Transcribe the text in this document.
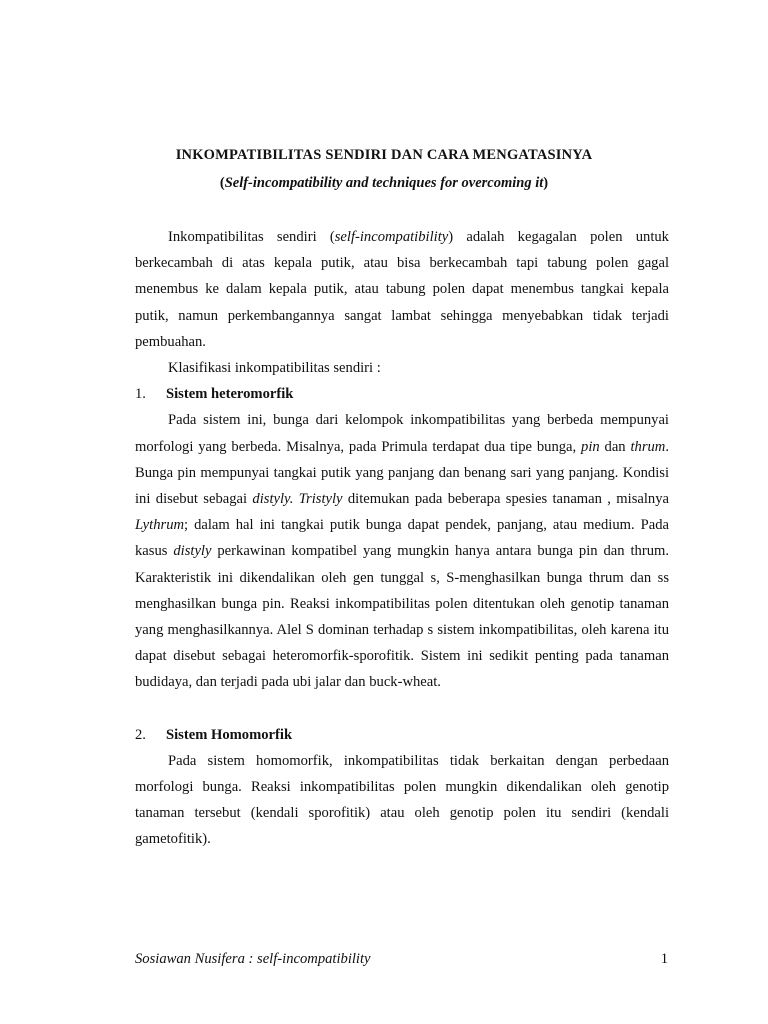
INKOMPATIBILITAS SENDIRI DAN CARA MENGATASINYA
(Self-incompatibility and techniques for overcoming it)

Inkompatibilitas sendiri (self-incompatibility) adalah kegagalan polen untuk berkecambah di atas kepala putik, atau bisa berkecambah tapi tabung polen gagal menembus ke dalam kepala putik, atau tabung polen dapat menembus tangkai kepala putik, namun perkembangannya sangat lambat sehingga menyebabkan tidak terjadi pembuahan.

Klasifikasi inkompatibilitas sendiri :

1.	Sistem heteromorfik

Pada sistem ini, bunga dari kelompok inkompatibilitas yang berbeda mempunyai morfologi yang berbeda. Misalnya, pada Primula terdapat dua tipe bunga, pin dan thrum. Bunga pin mempunyai tangkai putik yang panjang dan benang sari yang panjang. Kondisi ini disebut sebagai distyly. Tristyly ditemukan pada beberapa spesies tanaman , misalnya Lythrum; dalam hal ini tangkai putik bunga dapat pendek, panjang, atau medium. Pada kasus distyly perkawinan kompatibel yang mungkin hanya antara bunga pin dan thrum. Karakteristik ini dikendalikan oleh gen tunggal s, S-menghasilkan bunga thrum dan ss menghasilkan bunga pin. Reaksi inkompatibilitas polen ditentukan oleh genotip tanaman yang menghasilkannya. Alel S dominan terhadap s sistem inkompatibilitas, oleh karena itu dapat disebut sebagai heteromorfik-sporofitik. Sistem ini sedikit penting pada tanaman budidaya, dan terjadi pada ubi jalar dan buck-wheat.

2.	Sistem Homomorfik

Pada sistem homomorfik, inkompatibilitas tidak berkaitan dengan perbedaan morfologi bunga. Reaksi inkompatibilitas polen mungkin dikendalikan oleh genotip tanaman tersebut (kendali sporofitik) atau oleh genotip polen itu sendiri (kendali gametofitik).

Sosiawan Nusifera : self-incompatibility	1
